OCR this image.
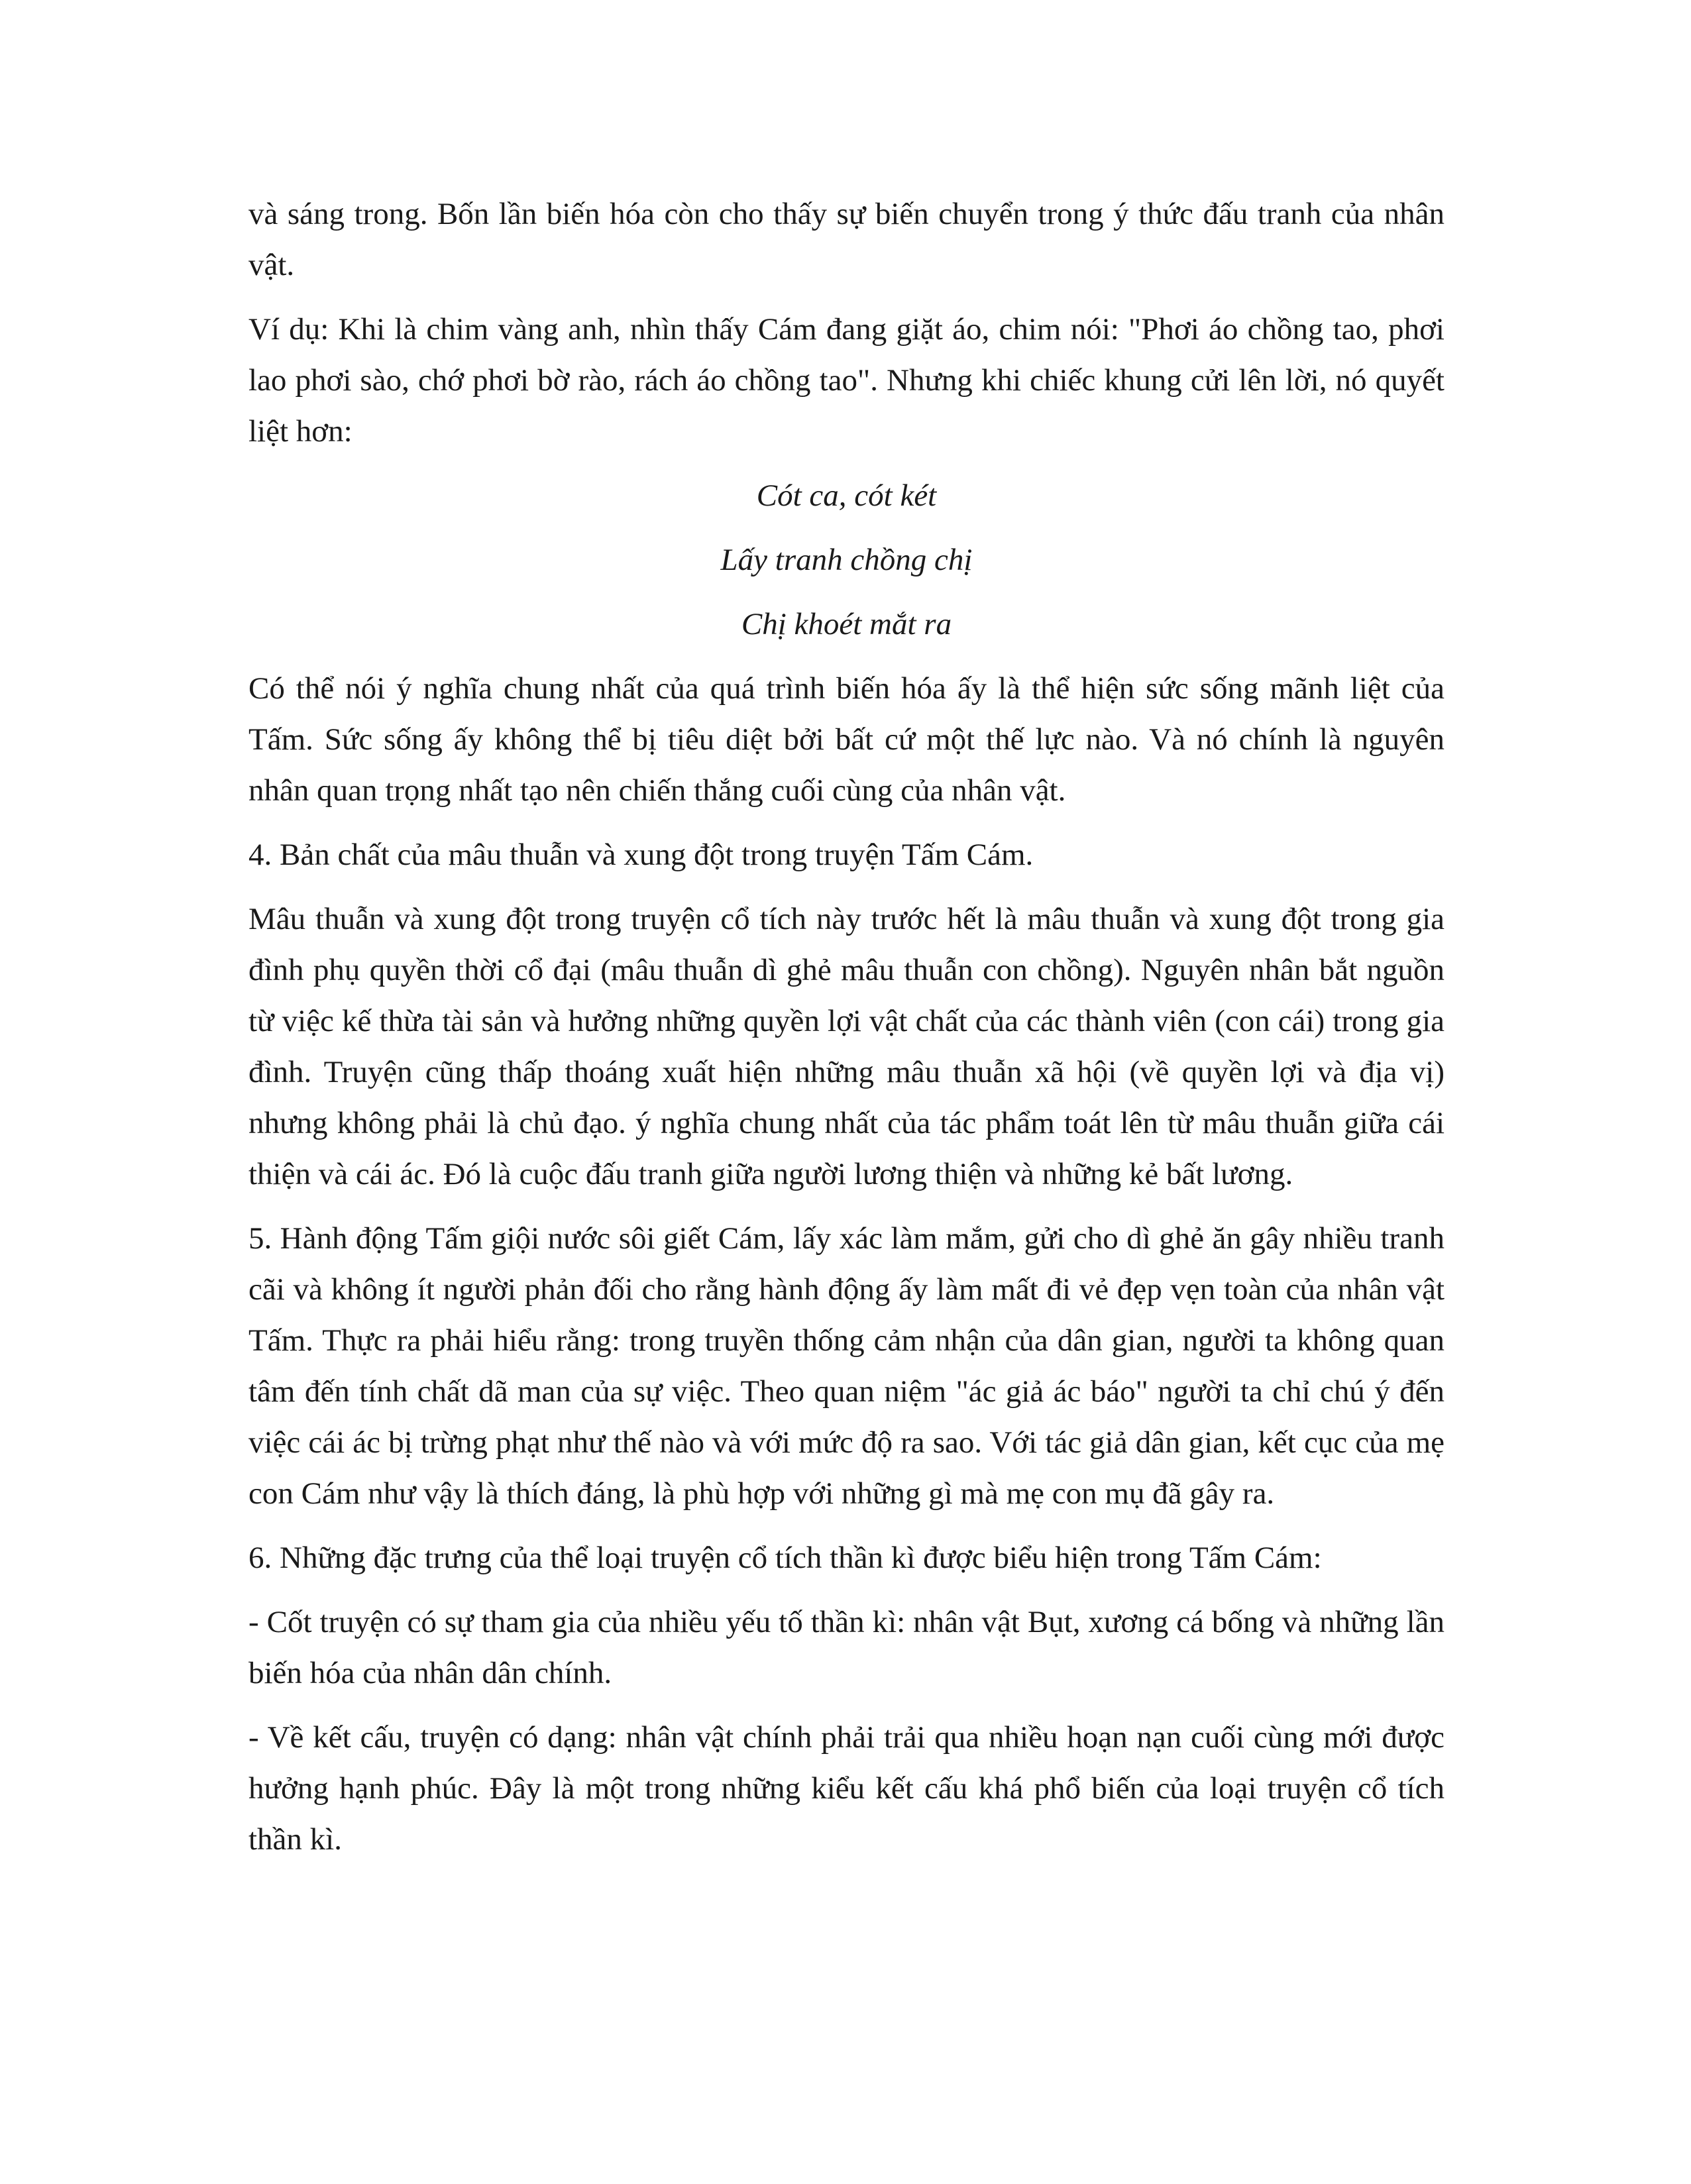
và sáng trong. Bốn lần biến hóa còn cho thấy sự biến chuyển trong ý thức đấu tranh của nhân vật.

Ví dụ: Khi là chim vàng anh, nhìn thấy Cám đang giặt áo, chim nói: "Phơi áo chồng tao, phơi lao phơi sào, chớ phơi bờ rào, rách áo chồng tao". Nhưng khi chiếc khung cửi lên lời, nó quyết liệt hơn:

Cót ca, cót két
Lấy tranh chồng chị
Chị khoét mắt ra

Có thể nói ý nghĩa chung nhất của quá trình biến hóa ấy là thể hiện sức sống mãnh liệt của Tấm. Sức sống ấy không thể bị tiêu diệt bởi bất cứ một thế lực nào. Và nó chính là nguyên nhân quan trọng nhất tạo nên chiến thắng cuối cùng của nhân vật.

4. Bản chất của mâu thuẫn và xung đột trong truyện Tấm Cám.

Mâu thuẫn và xung đột trong truyện cổ tích này trước hết là mâu thuẫn và xung đột trong gia đình phụ quyền thời cổ đại (mâu thuẫn dì ghẻ mâu thuẫn con chồng). Nguyên nhân bắt nguồn từ việc kế thừa tài sản và hưởng những quyền lợi vật chất của các thành viên (con cái) trong gia đình. Truyện cũng thấp thoáng xuất hiện những mâu thuẫn xã hội (về quyền lợi và địa vị) nhưng không phải là chủ đạo. ý nghĩa chung nhất của tác phẩm toát lên từ mâu thuẫn giữa cái thiện và cái ác. Đó là cuộc đấu tranh giữa người lương thiện và những kẻ bất lương.

5. Hành động Tấm giội nước sôi giết Cám, lấy xác làm mắm, gửi cho dì ghẻ ăn gây nhiều tranh cãi và không ít người phản đối cho rằng hành động ấy làm mất đi vẻ đẹp vẹn toàn của nhân vật Tấm. Thực ra phải hiểu rằng: trong truyền thống cảm nhận của dân gian, người ta không quan tâm đến tính chất dã man của sự việc. Theo quan niệm "ác giả ác báo" người ta chỉ chú ý đến việc cái ác bị trừng phạt như thế nào và với mức độ ra sao. Với tác giả dân gian, kết cục của mẹ con Cám như vậy là thích đáng, là phù hợp với những gì mà mẹ con mụ đã gây ra.

6. Những đặc trưng của thể loại truyện cổ tích thần kì được biểu hiện trong Tấm Cám:

- Cốt truyện có sự tham gia của nhiều yếu tố thần kì: nhân vật Bụt, xương cá bống và những lần biến hóa của nhân dân chính.

- Về kết cấu, truyện có dạng: nhân vật chính phải trải qua nhiều hoạn nạn cuối cùng mới được hưởng hạnh phúc. Đây là một trong những kiểu kết cấu khá phổ biến của loại truyện cổ tích thần kì.
